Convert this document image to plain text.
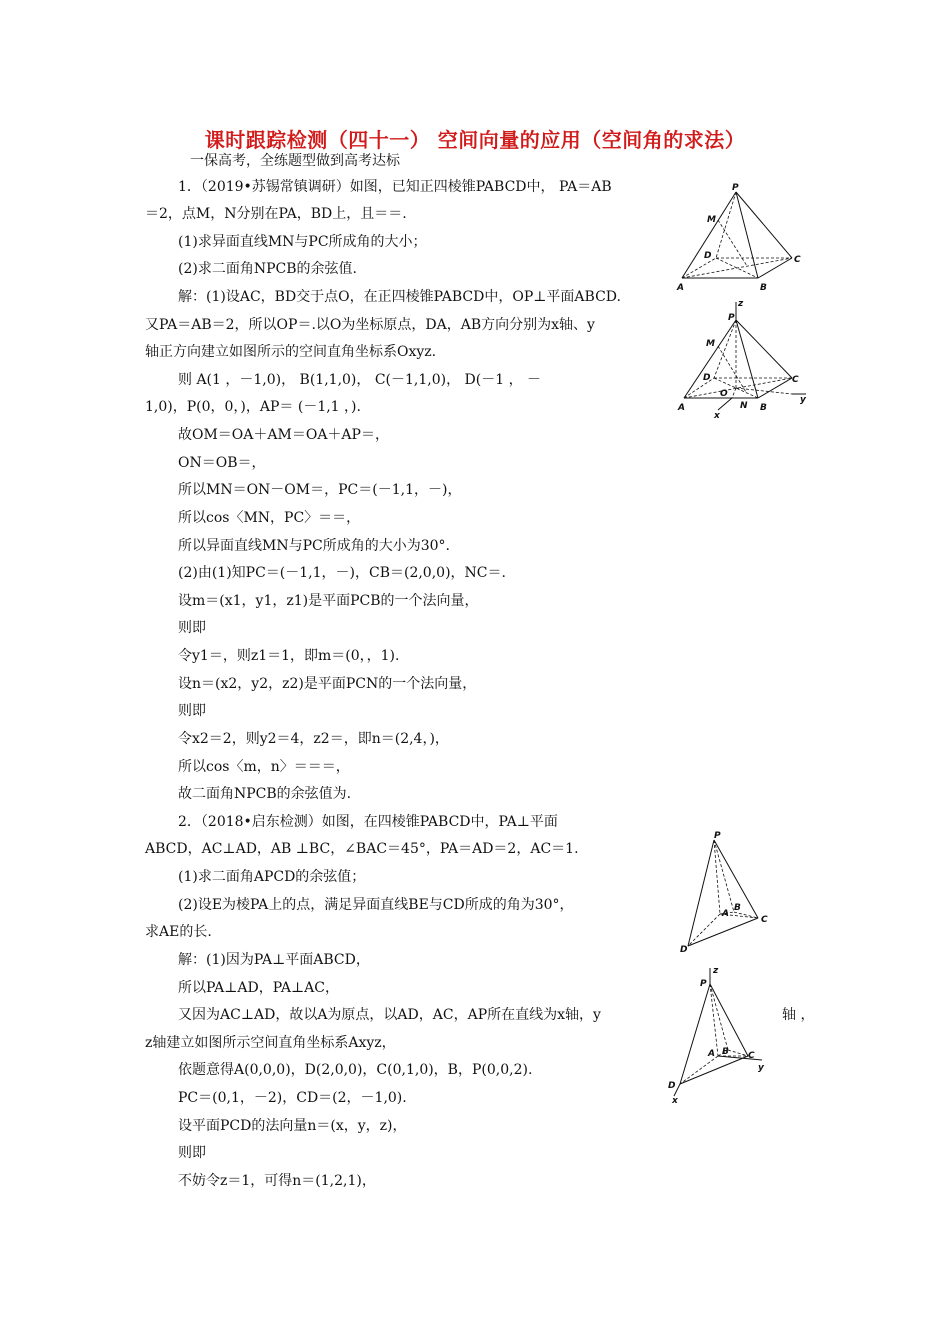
课时跟踪检测（四十一） 空间向量的应用（空间角的求法）
一保高考，全练题型做到高考达标
1．（2019•苏锡常镇调研）如图，已知正四棱锥PABCD中， PA＝AB
＝2，点M，N分别在PA，BD上，且＝＝.
(1)求异面直线MN与PC所成角的大小；
(2)求二面角NPCB的余弦值.
解：(1)设AC，BD交于点O，在正四棱锥PABCD中，OP⊥平面ABCD.
又PA＝AB＝2，所以OP＝.以O为坐标原点，DA，AB方向分别为x轴、y
轴正方向建立如图所示的空间直角坐标系Oxyz.
则 A(1 ，－1,0)， B(1,1,0)， C(－1,1,0)， D(－1 ， －
1,0)，P(0，0，)，AP＝ (－1,1 ，).
故OM＝OA＋AM＝OA＋AP＝，
ON＝OB＝，
所以MN＝ON－OM＝，PC＝(－1,1，－)，
所以cos〈MN，PC〉＝＝，
所以异面直线MN与PC所成角的大小为30°.
(2)由(1)知PC＝(－1,1，－)，CB＝(2,0,0)，NC＝.
设m＝(x1，y1，z1)是平面PCB的一个法向量，
则即
令y1＝，则z1＝1，即m＝(0，，1).
设n＝(x2，y2，z2)是平面PCN的一个法向量，
则即
令x2＝2，则y2＝4，z2＝，即n＝(2,4，)，
所以cos〈m，n〉＝＝＝，
故二面角NPCB的余弦值为.
2．（2018•启东检测）如图，在四棱锥PABCD中，PA⊥平面
ABCD，AC⊥AD，AB ⊥BC，∠BAC＝45°，PA＝AD＝2，AC＝1.
(1)求二面角APCD的余弦值；
(2)设E为棱PA上的点，满足异面直线BE与CD所成的角为30°，
求AE的长.
解：(1)因为PA⊥平面ABCD，
所以PA⊥AD，PA⊥AC，
又因为AC⊥AD，故以A为原点，以AD，AC，AP所在直线为x轴，y	轴 ，
z轴建立如图所示空间直角坐标系Axyz，
依题意得A(0,0,0)，D(2,0,0)，C(0,1,0)，B，P(0,0,2).
PC＝(0,1，－2)，CD＝(2，－1,0).
设平面PCD的法向量n＝(x，y，z)，
则即
不妨令z＝1，可得n＝(1,2,1)，
P
M
D
A	B
C
z
P
M
D
O
A
x
N B
C
y
P
A
B
C
D
z
P
A B C
y
D
x
